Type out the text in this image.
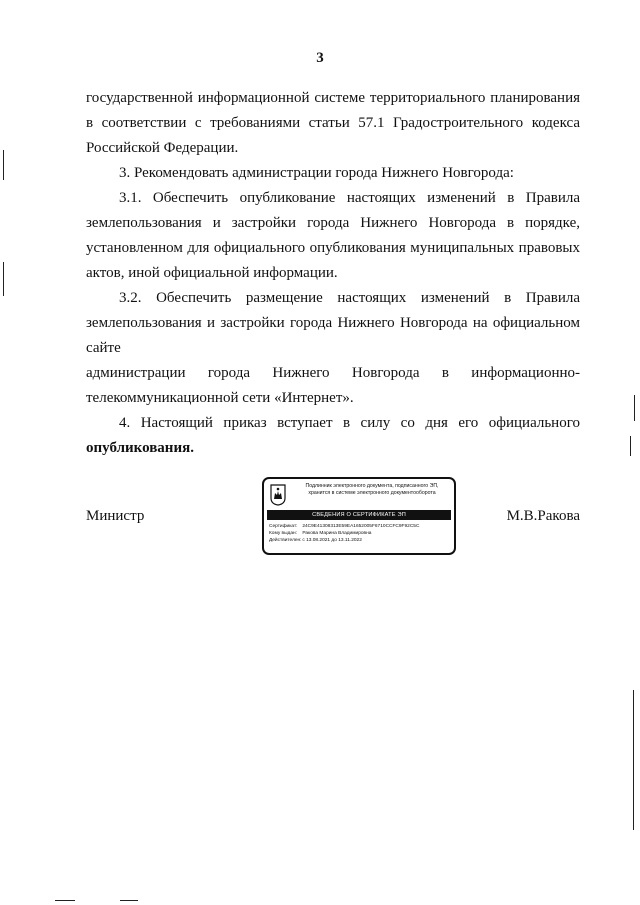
3

государственной информационной системе территориального планирования

в соответствии с требованиями статьи 57.1 Градостроительного кодекса

Российской Федерации.

3. Рекомендовать администрации города Нижнего Новгорода:

3.1. Обеспечить опубликование настоящих изменений в Правила

землепользования и застройки города Нижнего Новгорода в порядке,

установленном для официального опубликования муниципальных правовых

актов, иной официальной информации.

3.2. Обеспечить размещение настоящих изменений в Правила

землепользования и застройки города Нижнего Новгорода на официальном сайте

администрации города Нижнего Новгорода в информационно-

телекоммуникационной сети «Интернет».

4. Настоящий приказ вступает в силу со дня его официального

опубликования.

Министр	М.В.Ракова
Подлинник электронного документа, подписанного ЭП,
хранится в системе электронного документооборота
СВЕДЕНИЯ О СЕРТИФИКАТЕ ЭП
Сертификат: 24C9E41308313E59EA1652005F6710CCFC9F92C5C
Кому выдан: Ракова Марина Владимировна
Действителен: с 13.08.2021 до 13.11.2022
